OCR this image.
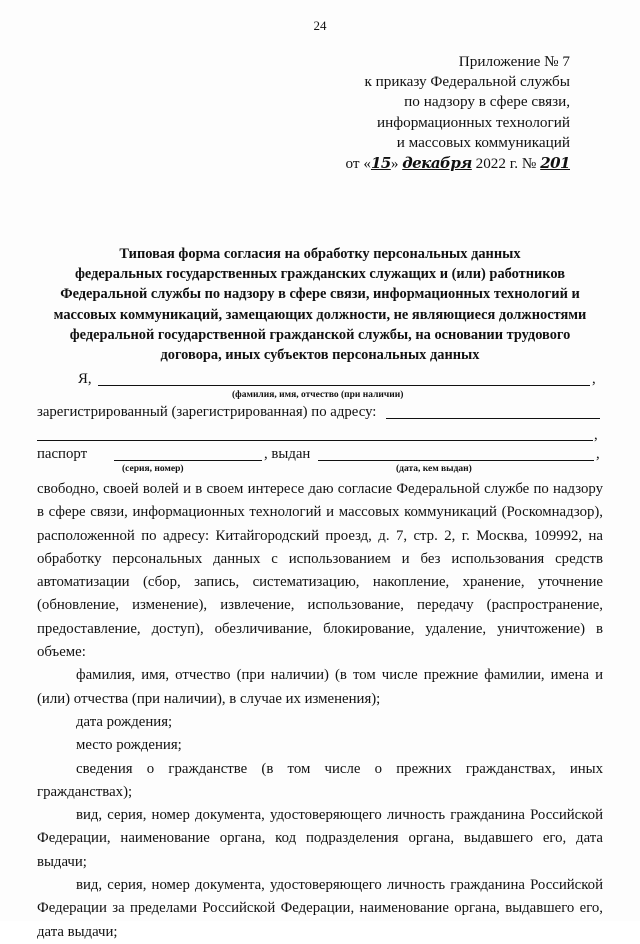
24
Приложение № 7
к приказу Федеральной службы
по надзору в сфере связи,
информационных технологий
и массовых коммуникаций
от «15» декабря 2022 г. № 201
Типовая форма согласия на обработку персональных данных
федеральных государственных гражданских служащих и (или) работников
Федеральной службы по надзору в сфере связи, информационных технологий и
массовых коммуникаций, замещающих должности, не являющиеся должностями
федеральной государственной гражданской службы, на основании трудового
договора, иных субъектов персональных данных
Я,	,
(фамилия, имя, отчество (при наличии)
зарегистрированный (зарегистрированная) по адресу:
,
паспорт	, выдан	,
(серия, номер)	(дата, кем выдан)

свободно, своей волей и в своем интересе даю согласие Федеральной службе по надзору в сфере связи, информационных технологий и массовых коммуникаций (Роскомнадзор), расположенной по адресу: Китайгородский проезд, д. 7, стр. 2, г. Москва, 109992, на обработку персональных данных с использованием и без использования средств автоматизации (сбор, запись, систематизацию, накопление, хранение, уточнение (обновление, изменение), извлечение, использование, передачу (распространение, предоставление, доступ), обезличивание, блокирование, удаление, уничтожение) в объеме:

фамилия, имя, отчество (при наличии) (в том числе прежние фамилии, имена и (или) отчества (при наличии), в случае их изменения);

дата рождения;

место рождения;

сведения о гражданстве (в том числе о прежних гражданствах, иных гражданствах);

вид, серия, номер документа, удостоверяющего личность гражданина Российской Федерации, наименование органа, код подразделения органа, выдавшего его, дата выдачи;

вид, серия, номер документа, удостоверяющего личность гражданина Российской Федерации за пределами Российской Федерации, наименование органа, выдавшего его, дата выдачи;
